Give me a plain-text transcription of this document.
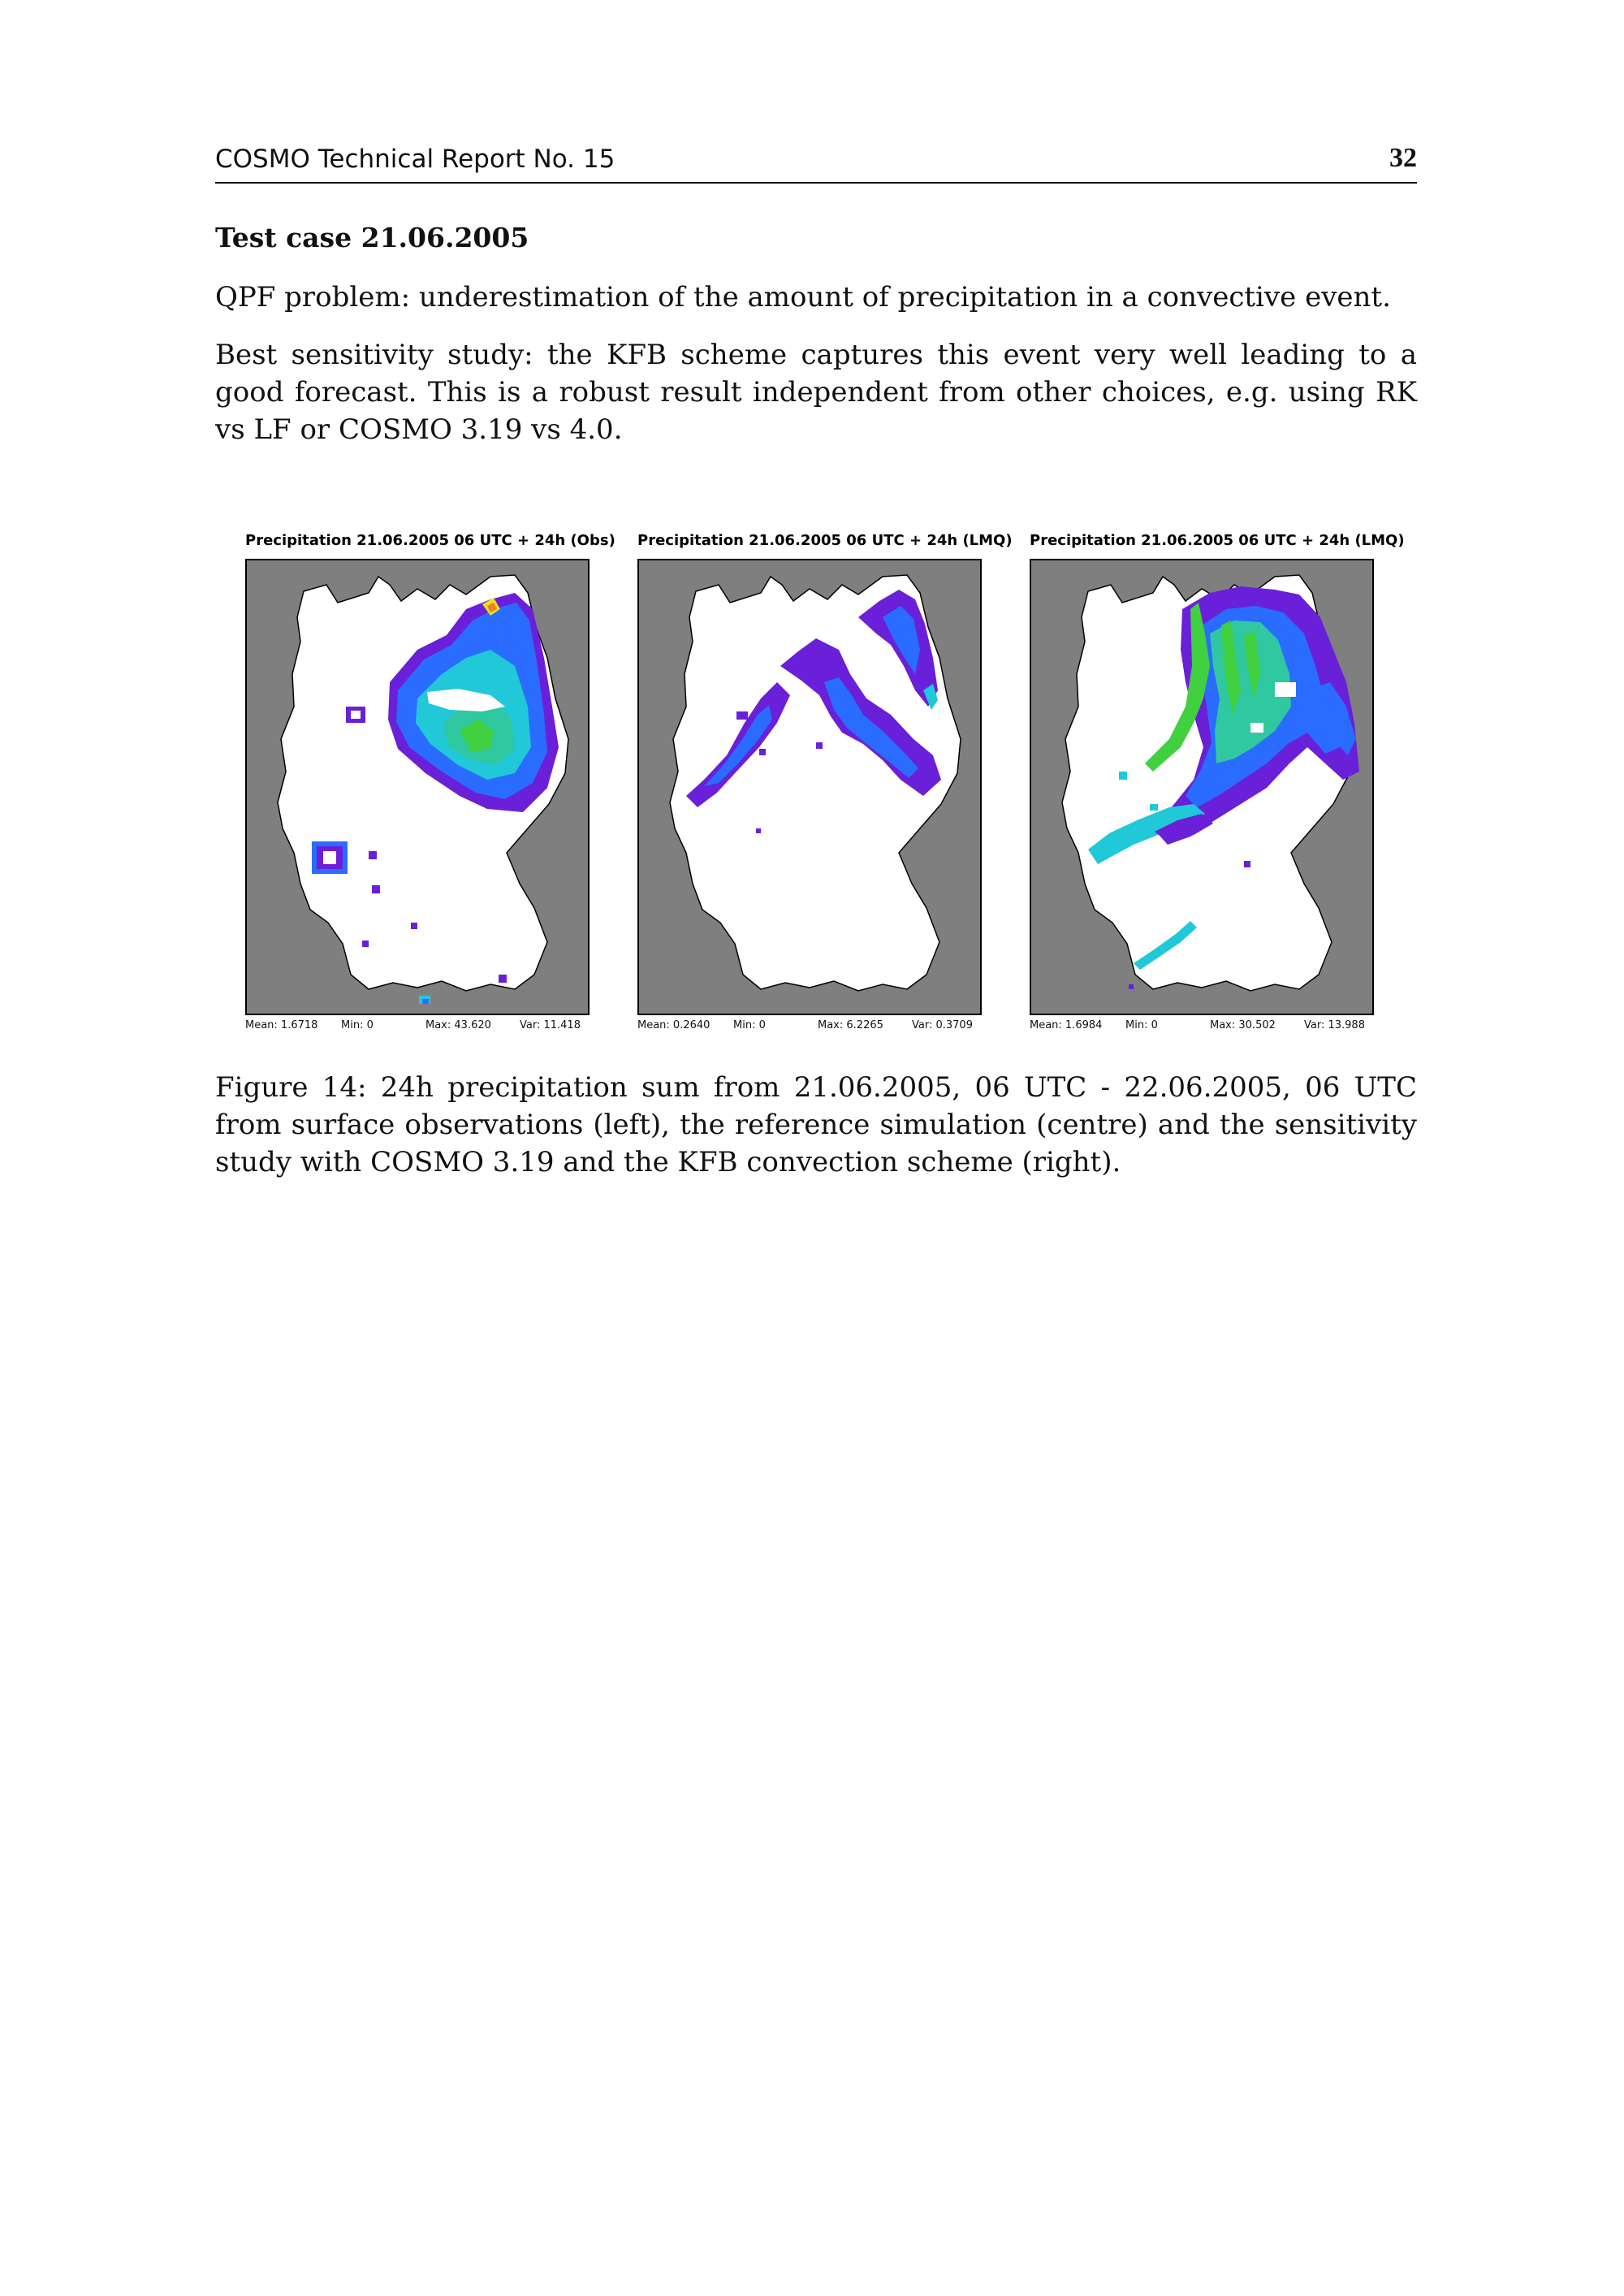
COSMO Technical Report No. 15	32

Test case 21.06.2005

QPF problem: underestimation of the amount of precipitation in a convective event.

Best sensitivity study: the KFB scheme captures this event very well leading to a good forecast. This is a robust result independent from other choices, e.g. using RK vs LF or COSMO 3.19 vs 4.0.

Precipitation 21.06.2005 06 UTC + 24h (Obs)
Mean: 1.6718 Min: 0	Max: 43.620	Var: 11.418
Precipitation 21.06.2005 06 UTC + 24h (LMQ)
Mean: 0.2640 Min: 0	Max: 6.2265	Var: 0.3709
Precipitation 21.06.2005 06 UTC + 24h (LMQ)
Mean: 1.6984 Min: 0	Max: 30.502	Var: 13.988

Figure 14: 24h precipitation sum from 21.06.2005, 06 UTC - 22.06.2005, 06 UTC from surface observations (left), the reference simulation (centre) and the sensitivity study with COSMO 3.19 and the KFB convection scheme (right).
